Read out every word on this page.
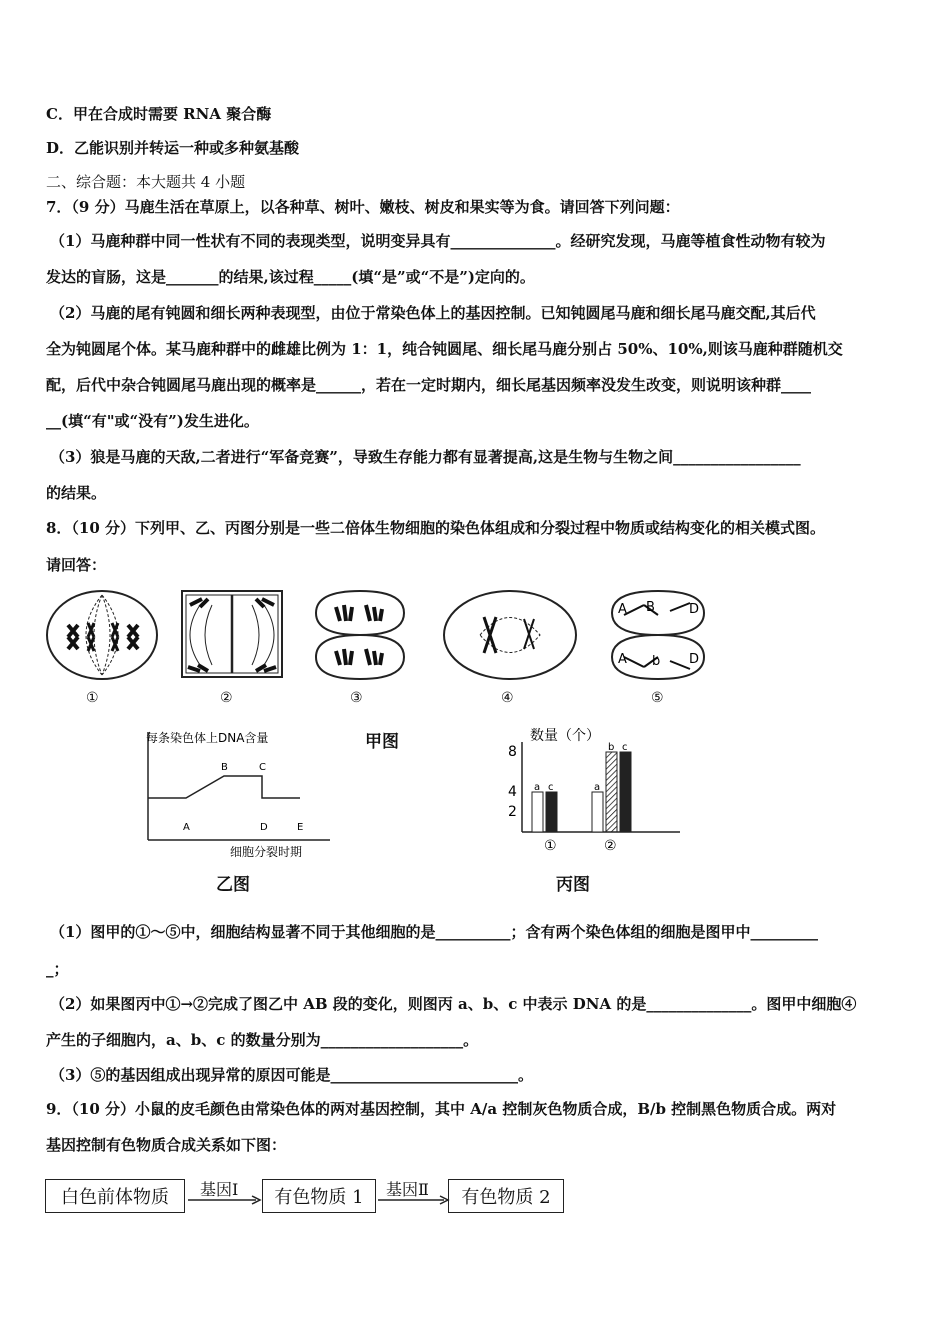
C．甲在合成时需要 RNA 聚合酶
D．乙能识别并转运一种或多种氨基酸
二、综合题：本大题共 4 小题
7．（9 分）马鹿生活在草原上，以各种草、树叶、嫩枝、树皮和果实等为食。请回答下列问题：
（1）马鹿种群中同一性状有不同的表现类型，说明变异具有______________。经研究发现，马鹿等植食性动物有较为
发达的盲肠，这是_______的结果,该过程_____(填“是”或“不是”)定向的。
（2）马鹿的尾有钝圆和细长两种表现型，由位于常染色体上的基因控制。已知钝圆尾马鹿和细长尾马鹿交配,其后代
全为钝圆尾个体。某马鹿种群中的雌雄比例为 1：1，纯合钝圆尾、细长尾马鹿分别占 50%、10%,则该马鹿种群随机交
配，后代中杂合钝圆尾马鹿出现的概率是______，若在一定时期内，细长尾基因频率没发生改变，则说明该种群____
__(填“有"或“没有”)发生进化。
（3）狼是马鹿的天敌,二者进行“军备竞赛”，导致生存能力都有显著提高,这是生物与生物之间_________________
的结果。
8．（10 分）下列甲、乙、丙图分别是一些二倍体生物细胞的染色体组成和分裂过程中物质或结构变化的相关模式图。
请回答：
A B	D
A b D
①	②	③	④	⑤
甲图
每条染色体上DNA含量
细胞分裂时期
A
B	C
D	E
乙图
数量（个）
2
4
8
a c
①
a
b c
②
丙图
（1）图甲的①～⑤中，细胞结构显著不同于其他细胞的是__________；含有两个染色体组的细胞是图甲中_________
_；
（2）如果图丙中①→②完成了图乙中 AB 段的变化，则图丙 a、b、c 中表示 DNA 的是______________。图甲中细胞④
产生的子细胞内，a、b、c 的数量分别为___________________。
（3）⑤的基因组成出现异常的原因可能是_________________________。
9．（10 分）小鼠的皮毛颜色由常染色体的两对基因控制，其中 A/a 控制灰色物质合成，B/b 控制黑色物质合成。两对
基因控制有色物质合成关系如下图：
白色前体物质	基因Ⅰ	有色物质 1	基因Ⅱ	有色物质 2
